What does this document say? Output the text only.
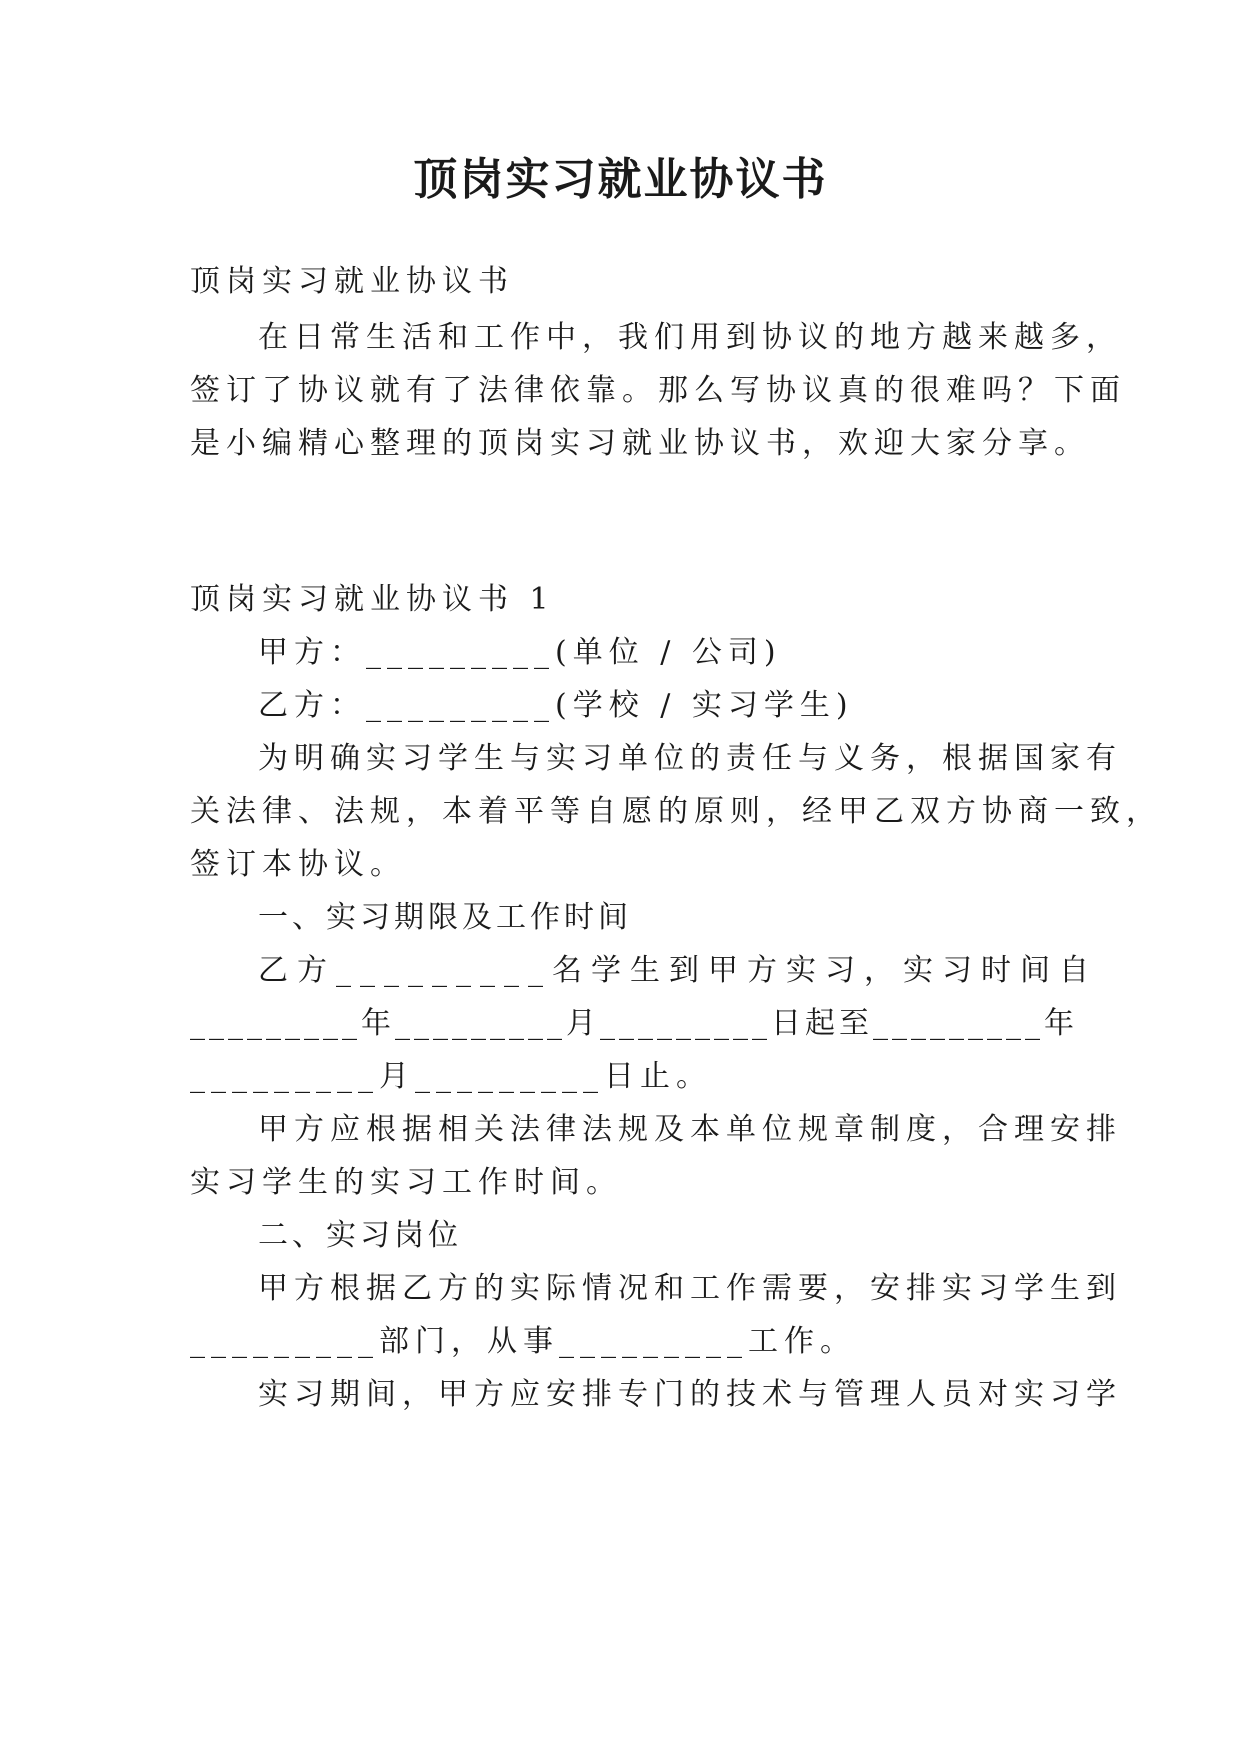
顶岗实习就业协议书

顶岗实习就业协议书

在日常生活和工作中，我们用到协议的地方越来越多，

签订了协议就有了法律依靠。那么写协议真的很难吗？下面

是小编精心整理的顶岗实习就业协议书，欢迎大家分享。

顶岗实习就业协议书 1

甲方：_________(单位 / 公司)

乙方：_________(学校 / 实习学生)

为明确实习学生与实习单位的责任与义务，根据国家有

关法律、法规，本着平等自愿的原则，经甲乙双方协商一致，

签订本协议。

一、实习期限及工作时间

乙方_________名学生到甲方实习，实习时间自

_________年_________月_________日起至_________年

_________月_________日止。

甲方应根据相关法律法规及本单位规章制度，合理安排

实习学生的实习工作时间。

二、实习岗位

甲方根据乙方的实际情况和工作需要，安排实习学生到

_________部门，从事_________工作。

实习期间，甲方应安排专门的技术与管理人员对实习学
